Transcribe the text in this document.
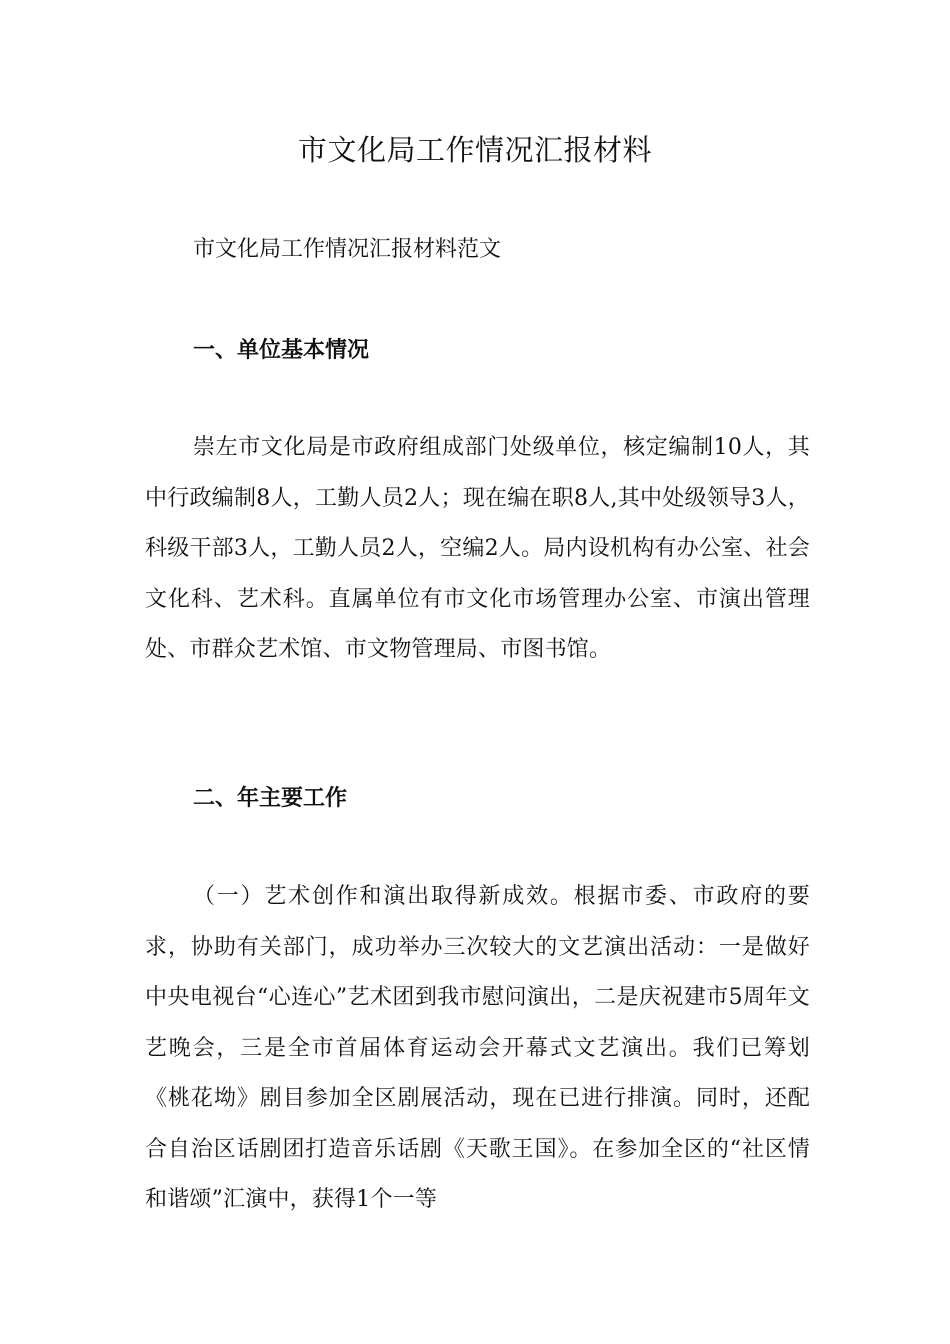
市文化局工作情况汇报材料

市文化局工作情况汇报材料范文

一、单位基本情况

崇左市文化局是市政府组成部门处级单位，核定编制10人，其中行政编制8人，工勤人员2人；现在编在职8人,其中处级领导3人，科级干部3人，工勤人员2人，空编2人。局内设机构有办公室、社会文化科、艺术科。直属单位有市文化市场管理办公室、市演出管理处、市群众艺术馆、市文物管理局、市图书馆。

二、年主要工作

（一）艺术创作和演出取得新成效。根据市委、市政府的要求，协助有关部门，成功举办三次较大的文艺演出活动：一是做好中央电视台“心连心”艺术团到我市慰问演出，二是庆祝建市5周年文艺晚会，三是全市首届体育运动会开幕式文艺演出。我们已筹划《桃花坳》剧目参加全区剧展活动，现在已进行排演。同时，还配合自治区话剧团打造音乐话剧《天歌王国》。在参加全区的“社区情和谐颂”汇演中，获得1个一等
